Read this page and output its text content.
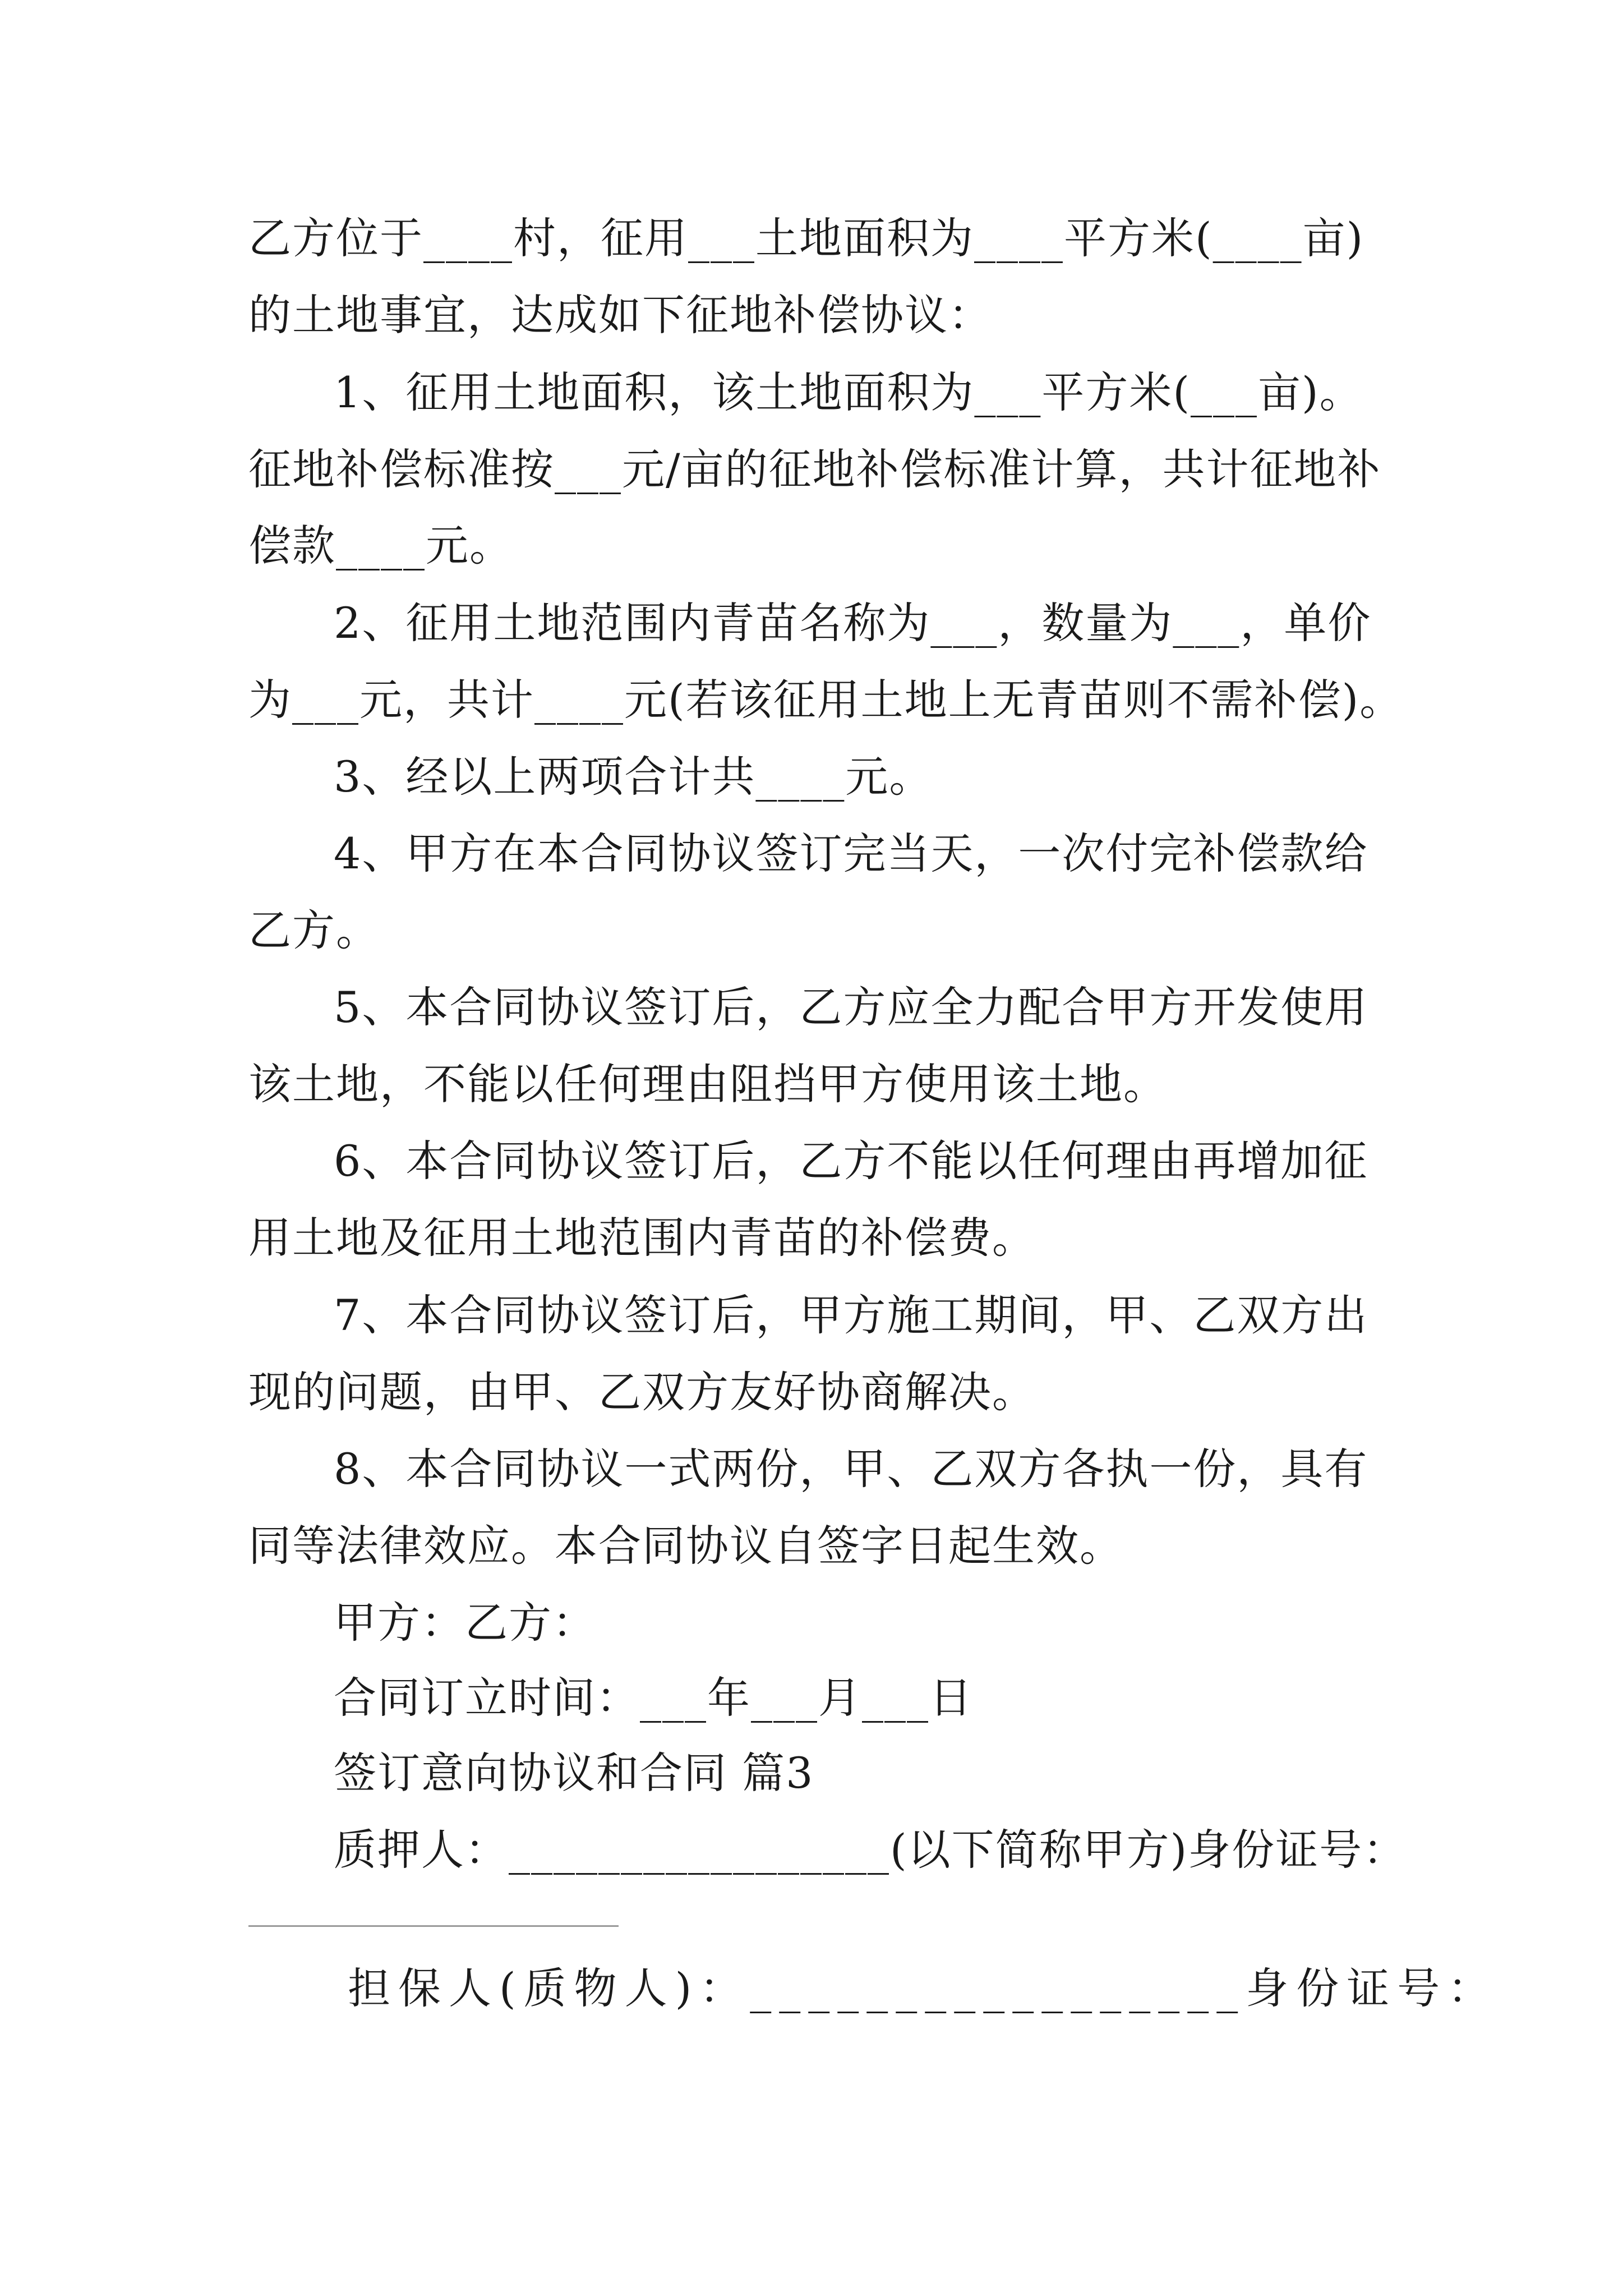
乙方位于____村，征用___土地面积为____平方米(____亩)
的土地事宜，达成如下征地补偿协议：
1、征用土地面积，该土地面积为___平方米(___亩)。
征地补偿标准按___元/亩的征地补偿标准计算，共计征地补
偿款____元。
2、征用土地范围内青苗名称为___，数量为___，单价
为___元，共计____元(若该征用土地上无青苗则不需补偿)。
3、经以上两项合计共____元。
4、甲方在本合同协议签订完当天，一次付完补偿款给
乙方。
5、本合同协议签订后，乙方应全力配合甲方开发使用
该土地，不能以任何理由阻挡甲方使用该土地。
6、本合同协议签订后，乙方不能以任何理由再增加征
用土地及征用土地范围内青苗的补偿费。
7、本合同协议签订后，甲方施工期间，甲、乙双方出
现的问题，由甲、乙双方友好协商解决。
8、本合同协议一式两份，甲、乙双方各执一份，具有
同等法律效应。本合同协议自签字日起生效。
甲方：乙方：
合同订立时间：___年___月___日
签订意向协议和合同 篇3
质押人：_________________(以下简称甲方)身份证号：
担保人(质物人)：_________________身份证号：
